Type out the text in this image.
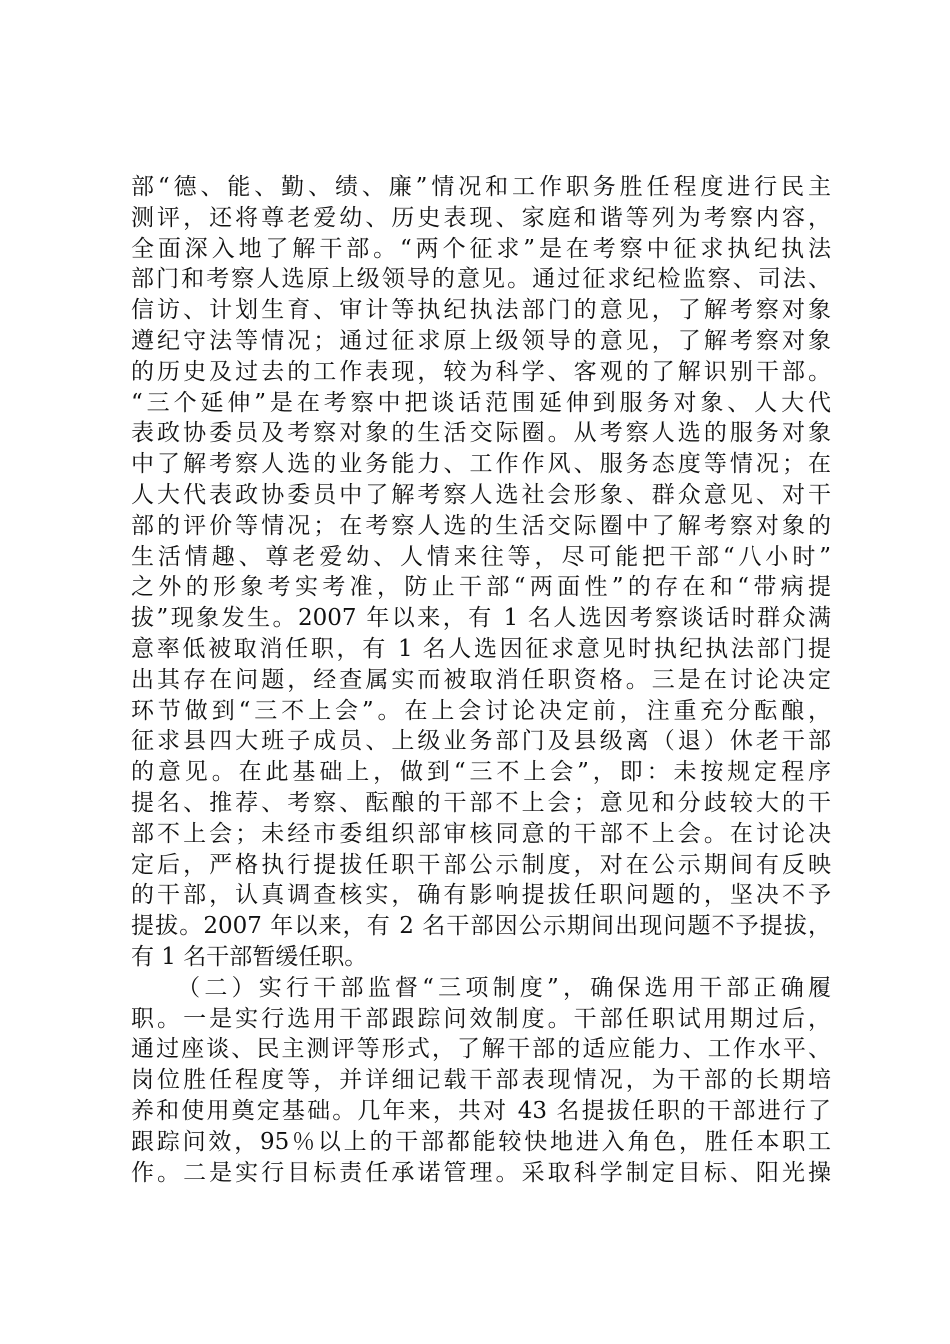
部“德、能、勤、绩、廉”情况和工作职务胜任程度进行民主
测评，还将尊老爱幼、历史表现、家庭和谐等列为考察内容，
全面深入地了解干部。“两个征求”是在考察中征求执纪执法
部门和考察人选原上级领导的意见。通过征求纪检监察、司法、
信访、计划生育、审计等执纪执法部门的意见，了解考察对象
遵纪守法等情况；通过征求原上级领导的意见，了解考察对象
的历史及过去的工作表现，较为科学、客观的了解识别干部。
“三个延伸”是在考察中把谈话范围延伸到服务对象、人大代
表政协委员及考察对象的生活交际圈。从考察人选的服务对象
中了解考察人选的业务能力、工作作风、服务态度等情况；在
人大代表政协委员中了解考察人选社会形象、群众意见、对干
部的评价等情况；在考察人选的生活交际圈中了解考察对象的
生活情趣、尊老爱幼、人情来往等，尽可能把干部“八小时”
之外的形象考实考准，防止干部“两面性”的存在和“带病提
拔”现象发生。2007 年以来，有 1 名人选因考察谈话时群众满
意率低被取消任职，有 1 名人选因征求意见时执纪执法部门提
出其存在问题，经查属实而被取消任职资格。三是在讨论决定
环节做到“三不上会”。在上会讨论决定前，注重充分酝酿，
征求县四大班子成员、上级业务部门及县级离（退）休老干部
的意见。在此基础上，做到“三不上会”，即：未按规定程序
提名、推荐、考察、酝酿的干部不上会；意见和分歧较大的干
部不上会；未经市委组织部审核同意的干部不上会。在讨论决
定后，严格执行提拔任职干部公示制度，对在公示期间有反映
的干部，认真调查核实，确有影响提拔任职问题的，坚决不予
提拔。2007 年以来，有 2 名干部因公示期间出现问题不予提拔，
有 1 名干部暂缓任职。
（二）实行干部监督“三项制度”，确保选用干部正确履
职。一是实行选用干部跟踪问效制度。干部任职试用期过后，
通过座谈、民主测评等形式，了解干部的适应能力、工作水平、
岗位胜任程度等，并详细记载干部表现情况，为干部的长期培
养和使用奠定基础。几年来，共对 43 名提拔任职的干部进行了
跟踪问效，95％以上的干部都能较快地进入角色，胜任本职工
作。二是实行目标责任承诺管理。采取科学制定目标、阳光操
